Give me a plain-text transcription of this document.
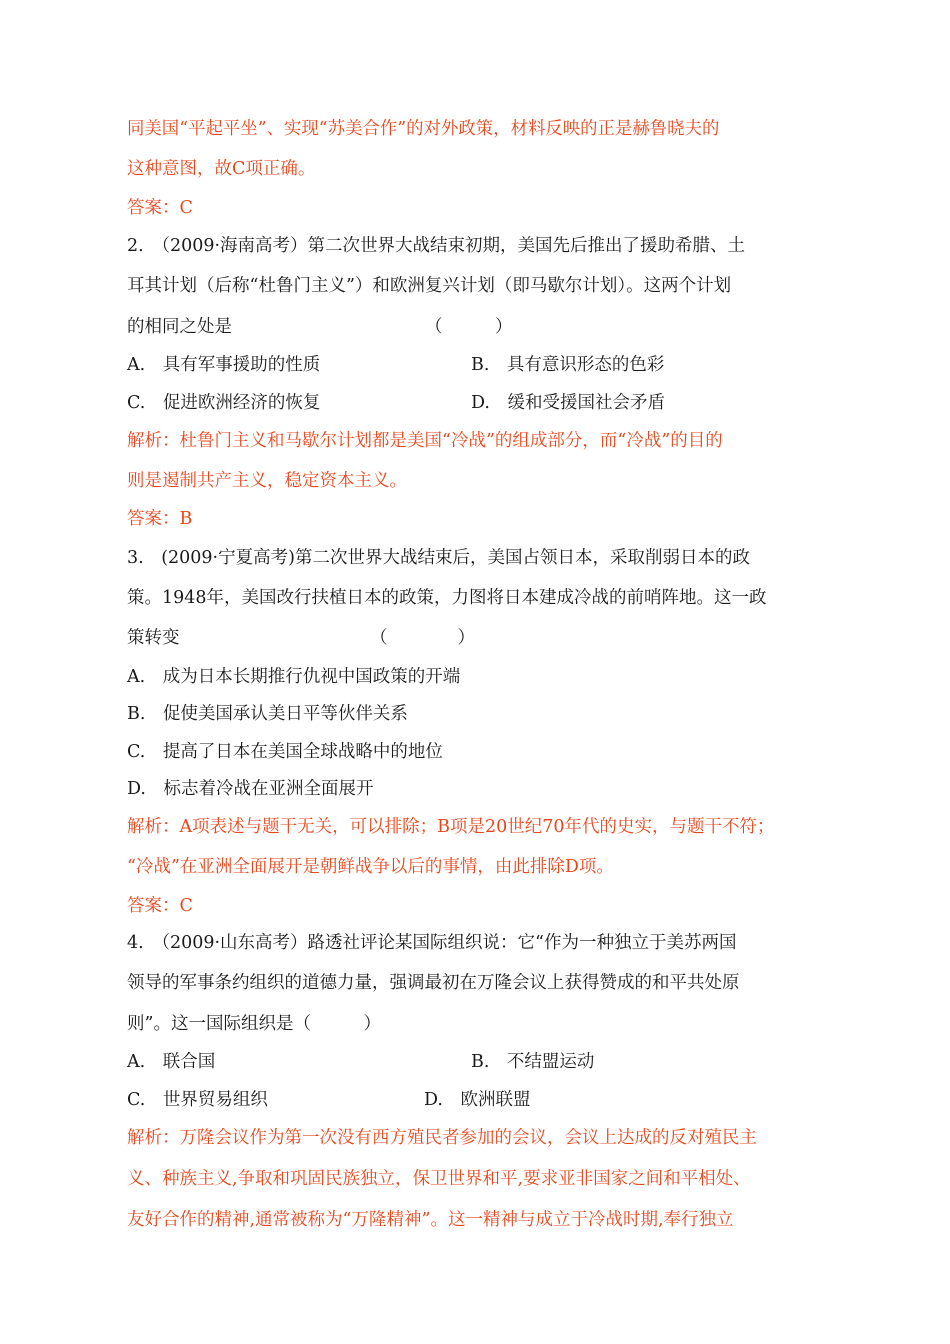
同美国“平起平坐”、实现“苏美合作”的对外政策，材料反映的正是赫鲁晓夫的
这种意图，故C项正确。
答案：C
2.　（2009·海南高考）第二次世界大战结束初期，美国先后推出了援助希腊、土
耳其计划（后称“杜鲁门主义”）和欧洲复兴计划（即马歇尔计划）。这两个计划
的相同之处是	（　　　）
A.　具有军事援助的性质	B.　具有意识形态的色彩
C.　促进欧洲经济的恢复	D.　缓和受援国社会矛盾
解析：杜鲁门主义和马歇尔计划都是美国“冷战”的组成部分，而“冷战”的目的
则是遏制共产主义，稳定资本主义。
答案：B
3.　(2009·宁夏高考)第二次世界大战结束后，美国占领日本，采取削弱日本的政
策。1948年，美国改行扶植日本的政策，力图将日本建成冷战的前哨阵地。这一政
策转变	（　　　　）
A.　成为日本长期推行仇视中国政策的开端
B.　促使美国承认美日平等伙伴关系
C.　提高了日本在美国全球战略中的地位
D.　标志着冷战在亚洲全面展开
解析：A项表述与题干无关，可以排除；B项是20世纪70年代的史实，与题干不符；
“冷战”在亚洲全面展开是朝鲜战争以后的事情，由此排除D项。
答案：C
4.　（2009·山东高考）路透社评论某国际组织说：它“作为一种独立于美苏两国
领导的军事条约组织的道德力量，强调最初在万隆会议上获得赞成的和平共处原
则”。这一国际组织是（　　　）
A.　联合国	B.　不结盟运动
C.　世界贸易组织	D.　欧洲联盟
解析：万隆会议作为第一次没有西方殖民者参加的会议，会议上达成的反对殖民主
义、种族主义,争取和巩固民族独立，保卫世界和平,要求亚非国家之间和平相处、
友好合作的精神,通常被称为“万隆精神”。这一精神与成立于冷战时期,奉行独立
